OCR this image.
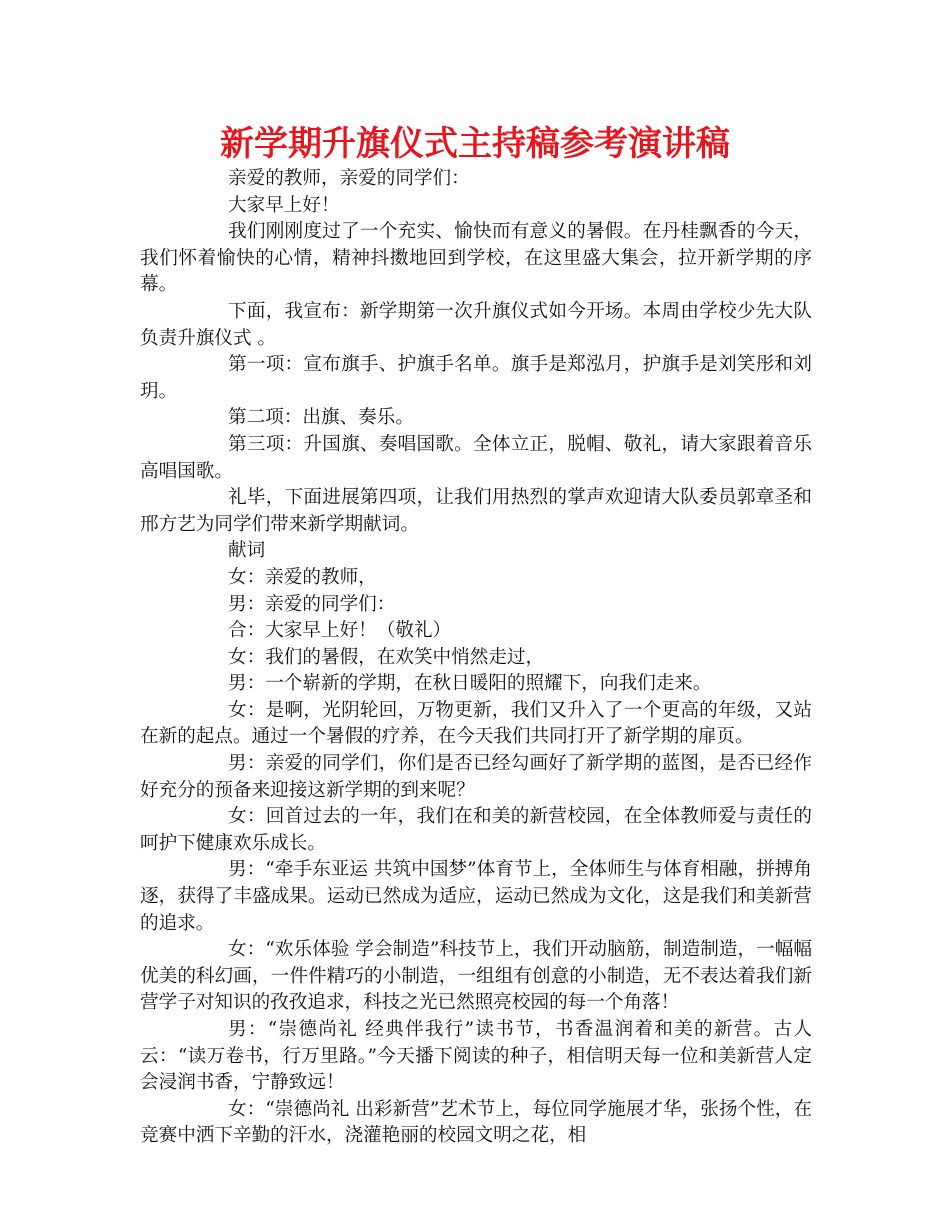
新学期升旗仪式主持稿参考演讲稿

亲爱的教师，亲爱的同学们：

大家早上好！

我们刚刚度过了一个充实、愉快而有意义的暑假。在丹桂飘香的今天，我们怀着愉快的心情，精神抖擞地回到学校，在这里盛大集会，拉开新学期的序幕。

下面，我宣布：新学期第一次升旗仪式如今开场。本周由学校少先大队负责升旗仪式 。

第一项：宣布旗手、护旗手名单。旗手是郑泓月，护旗手是刘笑彤和刘玥。

第二项：出旗、奏乐。

第三项：升国旗、奏唱国歌。全体立正，脱帽、敬礼，请大家跟着音乐高唱国歌。

礼毕，下面进展第四项，让我们用热烈的掌声欢迎请大队委员郭章圣和邢方艺为同学们带来新学期献词。

献词

女：亲爱的教师，

男：亲爱的同学们：

合：大家早上好！（敬礼）

女：我们的暑假，在欢笑中悄然走过，

男：一个崭新的学期，在秋日暖阳的照耀下，向我们走来。

女：是啊，光阴轮回，万物更新，我们又升入了一个更高的年级，又站在新的起点。通过一个暑假的疗养，在今天我们共同打开了新学期的扉页。

男：亲爱的同学们，你们是否已经勾画好了新学期的蓝图，是否已经作好充分的预备来迎接这新学期的到来呢？

女：回首过去的一年，我们在和美的新营校园，在全体教师爱与责任的呵护下健康欢乐成长。

男：“牵手东亚运 共筑中国梦”体育节上，全体师生与体育相融，拼搏角逐，获得了丰盛成果。运动已然成为适应，运动已然成为文化，这是我们和美新营的追求。

女：“欢乐体验 学会制造”科技节上，我们开动脑筋，制造制造，一幅幅优美的科幻画，一件件精巧的小制造，一组组有创意的小制造，无不表达着我们新营学子对知识的孜孜追求，科技之光已然照亮校园的每一个角落！

男：“崇德尚礼 经典伴我行”读书节，书香温润着和美的新营。古人云：“读万卷书，行万里路。”今天播下阅读的种子，相信明天每一位和美新营人定会浸润书香，宁静致远！

女：“崇德尚礼 出彩新营”艺术节上，每位同学施展才华，张扬个性，在竞赛中洒下辛勤的汗水，浇灌艳丽的校园文明之花，相
